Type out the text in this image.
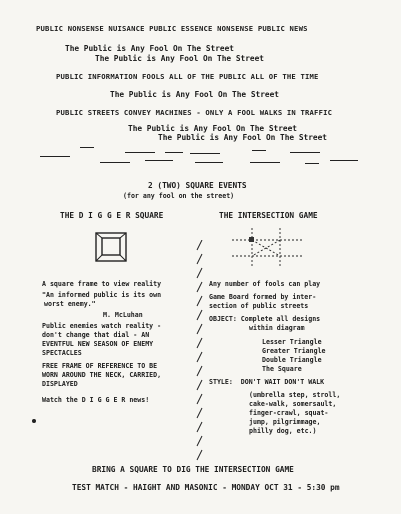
PUBLIC NONSENSE NUISANCE PUBLIC ESSENCE NONSENSE PUBLIC NEWS
The Public is Any Fool On The Street
The Public is Any Fool On The Street
PUBLIC INFORMATION FOOLS ALL OF THE PUBLIC ALL OF THE TIME
The Public is Any Fool On The Street
PUBLIC STREETS CONVEY MACHINES - ONLY A FOOL WALKS IN TRAFFIC
The Public is Any Fool On The Street
The Public is Any Fool On The Street
2 (TWO) SQUARE EVENTS
(for any fool on the street)
THE D I G G E R SQUARE
A square frame to view reality
"An informed public is its own
worst enemy."
M. McLuhan
Public enemies watch reality -
don't change that dial - AN
EVENTFUL NEW SEASON OF ENEMY
SPECTACLES
FREE FRAME OF REFERENCE TO BE
WORN AROUND THE NECK, CARRIED,
DISPLAYED
Watch the D I G G E R news!
THE INTERSECTION GAME
Any number of fools can play
Game Board formed by inter-
section of public streets
OBJECT: Complete all designs
within diagram
Lesser Triangle
Greater Triangle
Double Triangle
The Square
STYLE:  DON'T WAIT DON'T WALK
(umbrella step, stroll,
cake-walk, somersault,
finger-crawl, squat-
jump, pilgrimmage,
philly dog, etc.)
BRING A SQUARE TO DIG THE INTERSECTION GAME
TEST MATCH - HAIGHT AND MASONIC - MONDAY OCT 31 - 5:30 pm
